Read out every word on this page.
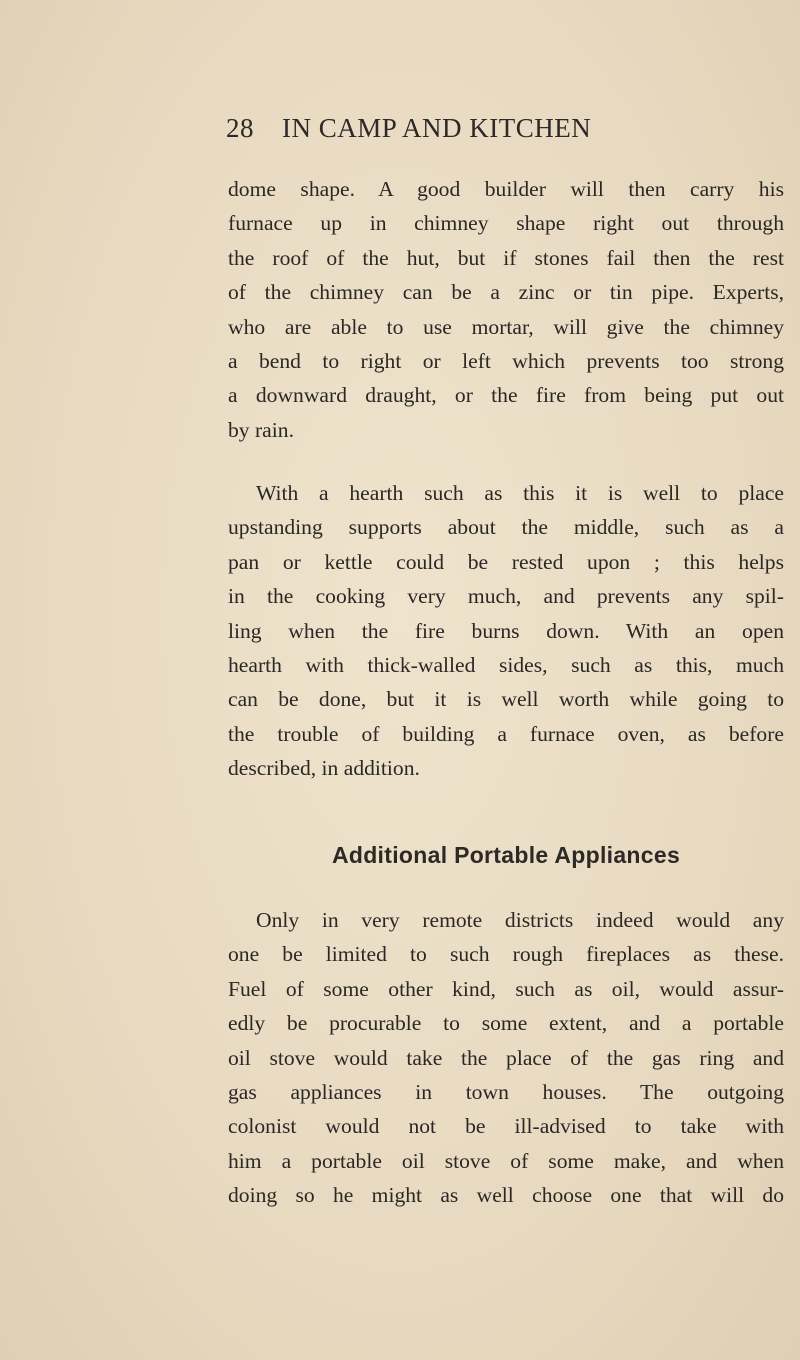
28 IN CAMP AND KITCHEN
dome shape. A good builder will then carry his
furnace up in chimney shape right out through
the roof of the hut, but if stones fail then the rest
of the chimney can be a zinc or tin pipe. Experts,
who are able to use mortar, will give the chimney
a bend to right or left which prevents too strong
a downward draught, or the fire from being put out
by rain.
With a hearth such as this it is well to place
upstanding supports about the middle, such as a
pan or kettle could be rested upon ; this helps
in the cooking very much, and prevents any spil-
ling when the fire burns down. With an open
hearth with thick-walled sides, such as this, much
can be done, but it is well worth while going to
the trouble of building a furnace oven, as before
described, in addition.
Additional Portable Appliances
Only in very remote districts indeed would any
one be limited to such rough fireplaces as these.
Fuel of some other kind, such as oil, would assur-
edly be procurable to some extent, and a portable
oil stove would take the place of the gas ring and
gas appliances in town houses. The outgoing
colonist would not be ill-advised to take with
him a portable oil stove of some make, and when
doing so he might as well choose one that will do
